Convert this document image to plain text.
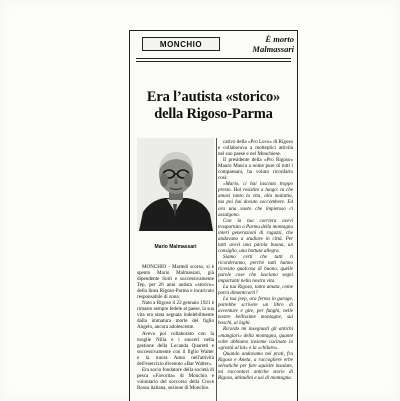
MONCHIO	È morto
Malmassari
Era l’autista «storico»
della Rigoso-Parma
Mario Malmassari

MONCHIO - Martedì scorso, si è spento Mario Malmassari, già dipendente Sortì e successivamente Tep, per 26 anni autista «storico» della linea Rigoso-Parma e incaricato responsabile di zona.

Nato a Rigoso il 22 gennaio 1921 è rimasto sempre fedele al paese, la sua vita era stata segnata indelebilmente dalla immatura morte del figlio Angelo, ancora adolescente.

Aveva poi collaborato con la moglie Nilla e i suoceri nella gestione della Locanda Quaretti e successivamente con il figlio Walter e la nuora Anna nell'attività dell'esercizio divenuto «Bar Walter».

Era socio fondatore della società di pesca «Favorita» di Monchio e volontario del soccorso della Croce Rossa italiana, sezione di Monchio.

cativo della «Pro Loco» di Rigoso e collaborava a molteplici attività nel suo paese e nel Monchiese.

Il presidente della «Pro Rigoso» Mauro Manca a nome pure di tutti i compaesani, ha voluto ricordarlo così:

«Mario, ci hai lasciato troppo presto. Hai resistito a lungo: tu che amavi tanto la vita, alla malattia, ma poi hai dovuto soccombere. Ed ora una vuoto che impietoso ci assalgono.

Con la tua corriera avevi trasportato a Parma della montagna interi generazioni di ragazzi, che andavano a studiare in città. Per tutti avevi una parola buona, un consiglio, una battuta allegra.

Siamo certi che tutti ti ricorderanno, perché tutti hanno ricevuto qualcosa di buono, quelle parole cose che lasciano segni importanti nella nostra vita.

La tua Rigoso, tanto amata, come potrà dimenticarti?

La tua jeep, ora ferma in garage, potrebbe scrivere un libro di avventure e gite, per funghi, nelle nostre bellissime montagne, sui boschi, ai laghi.

Ricordo mi insegnasti gli antichi «mangiari» della montagna, quante volte abbiamo insieme cucinato la «grostà al lat» e la «chilaro».

Quando andavamo nei prati, fra Rigoso e Aneta, a raccogliere erbe selvatiche per fare squisite insalate, mi raccontavi antiche storie di Rigoso, abitudini e usi di montagna.
